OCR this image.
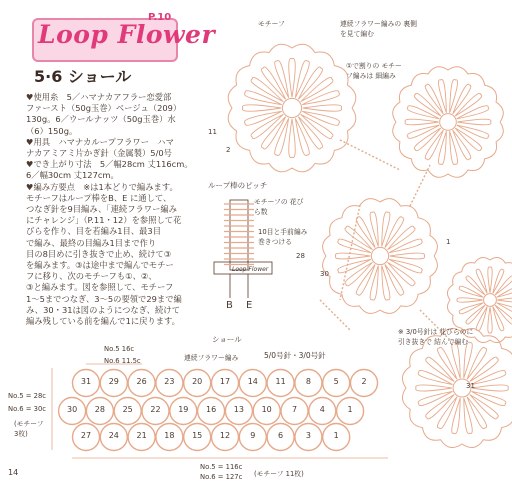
Loop Flower
P.10
5·6 ショール
♥使用糸　5／ハマナカアフラー恋愛部
ファースト（50g玉巻）ベージュ（209）
130g。6／ウールナッツ（50g玉巻）水
（6）150g。
♥用具　ハマナカループフラワー　ハマ
ナカアミアミ片かぎ針（金属製）5/0号
♥でき上がり寸法　5／幅28cm 丈116cm。
6／幅30cm 丈127cm。
♥編み方要点　※は1本どりで編みます。
モチーフはループ棒をB、E に通して、
つなぎ針を9目編み、「連続フラワー編み
にチャレンジ」（P.11・12）を参照して花
びらを作り、目を若編み1目、最3目
で編み、最終の目編み1目まで作り
目の8目めに引き抜きで止め、続けて③
を編みます。③は途中まで編んでモチー
フに移り、次のモチーフも①、②、
③と編みます。図を参照して、モチーフ
1〜5までつなぎ、3〜5の要領で29まで編
み、30・31は図のようにつなぎ、続けて
編み残している前を編んで1に戻ります。
モチーフ	連続フラワー編みの 裏側 を見て編む
①で割りの モチーフ編みは 細編み
ループ棒のピッチ
モチーフの 花びら数
10目と手前編み 巻きつける
Loop Flower
B E
ショール
連続フラワー編み	5/0号針・3/0号針
※ 3/0号針は 花びらのに 引き抜きで 結んで編む
No.5 16c
No.6 11.5c
No.5 = 28c
No.6 = 30c
(モチーフ 3枚)
No.5 = 116c
No.6 = 127c (モチーフ 11枚)
14
31	29	26	23	20	17	14	11	8	5	2
30	28	25	22	19	16	13	10	7	4	1
27	24	21	18	15	12	9	6	3	1
28
30
1
31
11
2
